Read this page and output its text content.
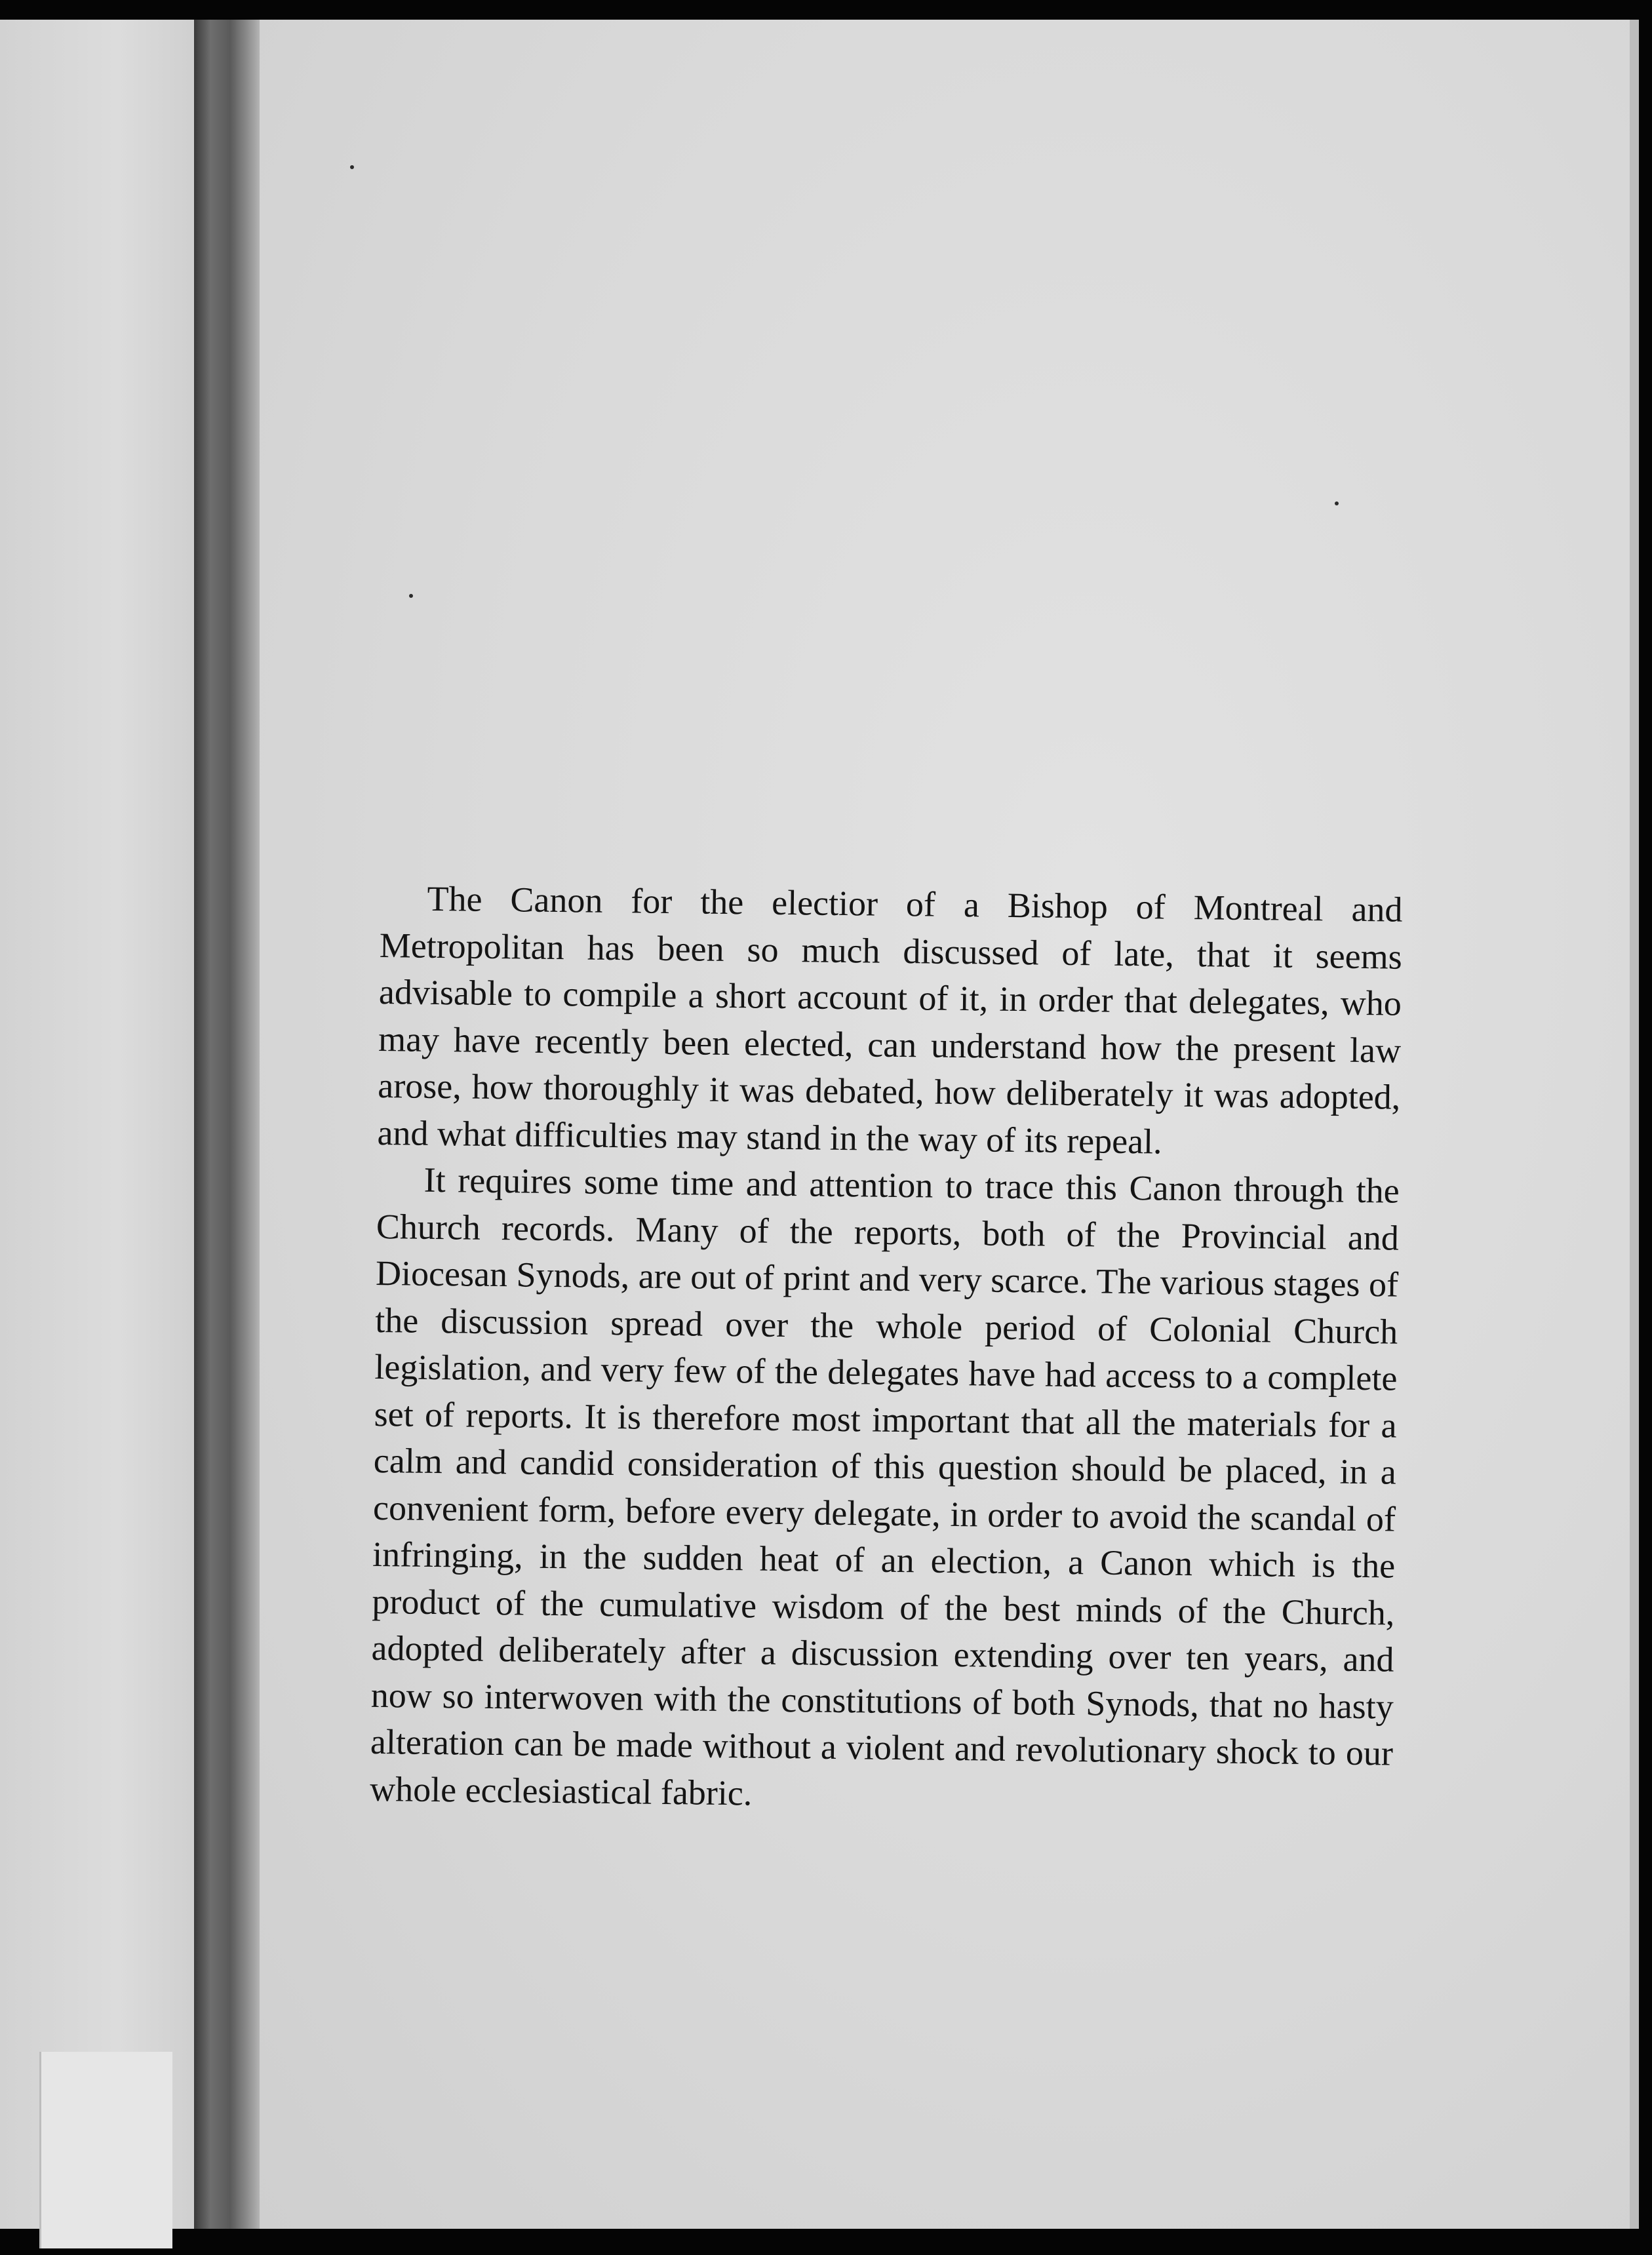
The Canon for the electior of a Bishop of Montreal and Metropolitan has been so much discussed of late, that it seems advisable to compile a short account of it, in order that delegates, who may have recently been elected, can understand how the present law arose, how thoroughly it was debated, how deliberately it was adopted, and what difficulties may stand in the way of its repeal.

It requires some time and attention to trace this Canon through the Church records. Many of the reports, both of the Provincial and Diocesan Synods, are out of print and very scarce. The various stages of the discussion spread over the whole period of Colonial Church legislation, and very few of the delegates have had access to a complete set of reports. It is therefore most important that all the materials for a calm and candid consideration of this question should be placed, in a convenient form, before every delegate, in order to avoid the scandal of infringing, in the sudden heat of an election, a Canon which is the product of the cumulative wisdom of the best minds of the Church, adopted deliberately after a discussion extending over ten years, and now so interwoven with the constitutions of both Synods, that no hasty alteration can be made without a violent and revolutionary shock to our whole ecclesiastical fabric.
